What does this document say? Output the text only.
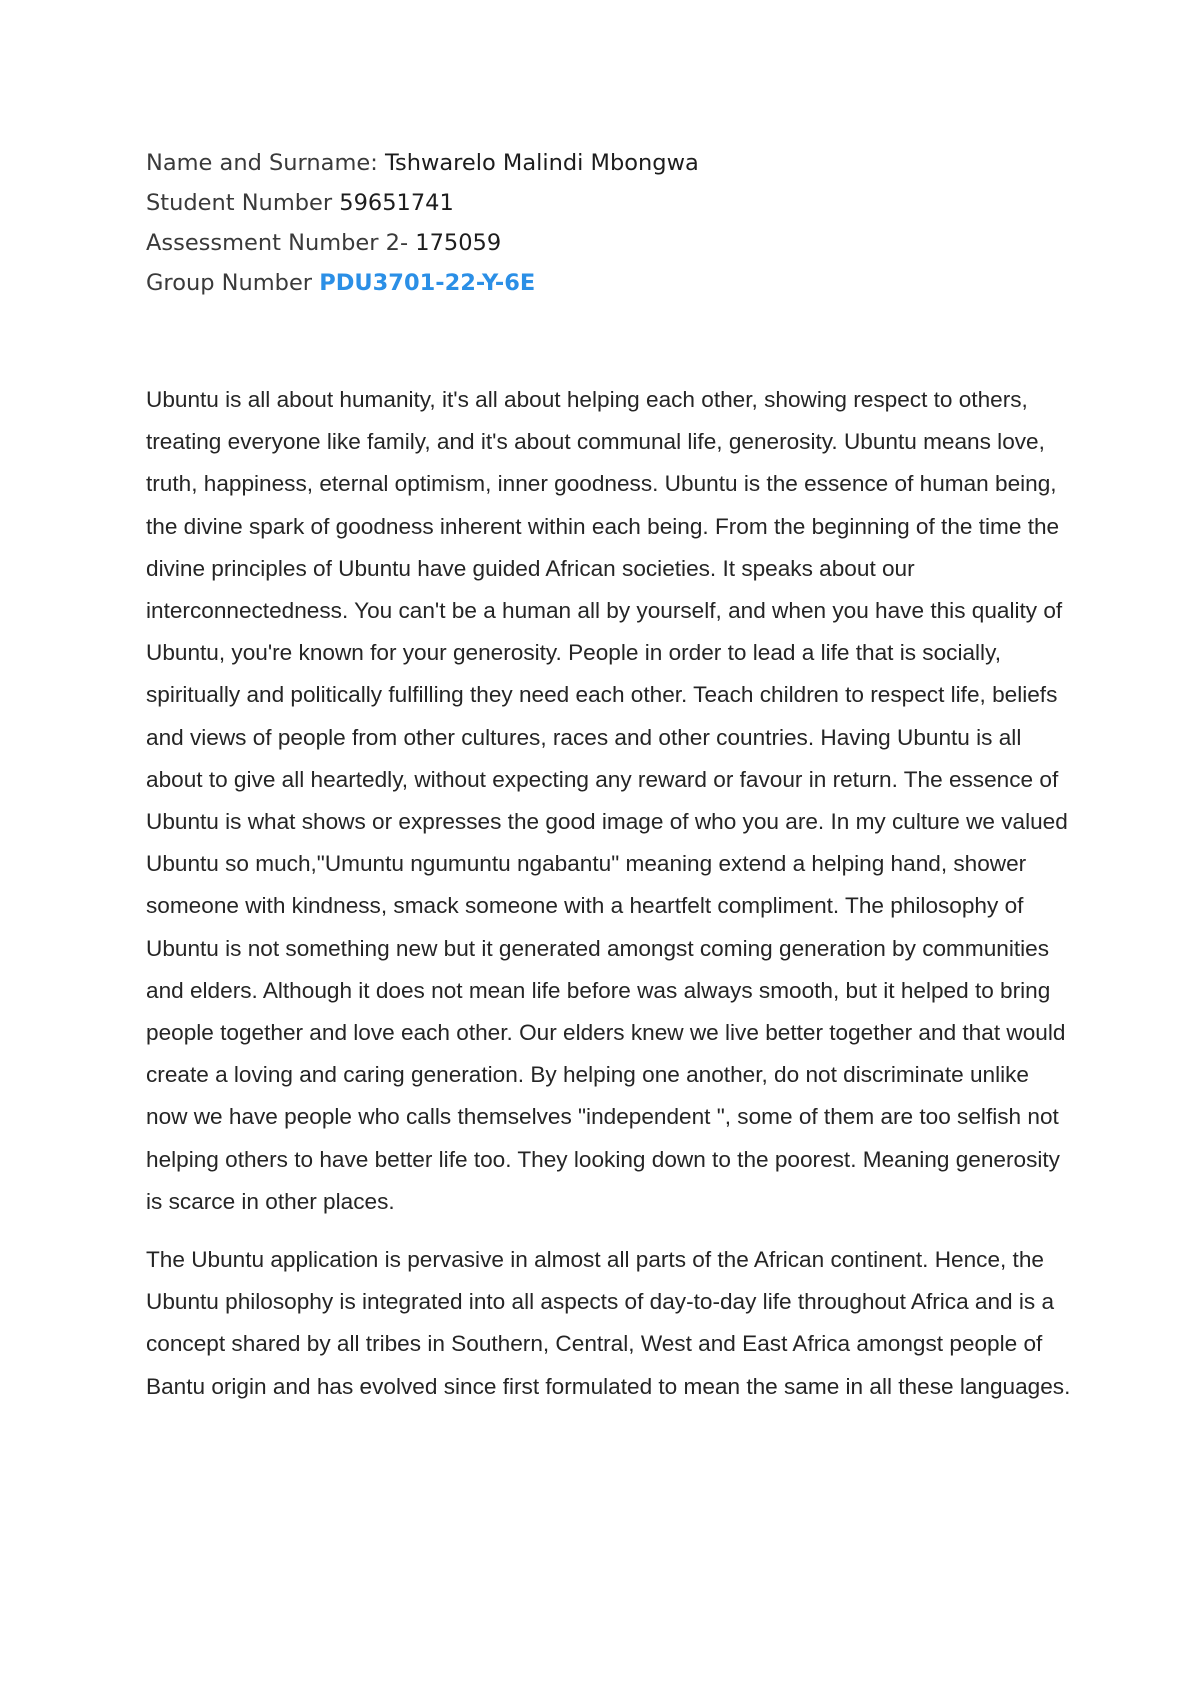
Name and Surname: Tshwarelo Malindi Mbongwa
Student Number 59651741
Assessment Number 2- 175059
Group Number PDU3701-22-Y-6E

Ubuntu is all about humanity, it's all about helping each other, showing respect to others, treating everyone like family, and it's about communal life, generosity. Ubuntu means love, truth, happiness, eternal optimism, inner goodness. Ubuntu is the essence of human being, the divine spark of goodness inherent within each being. From the beginning of the time the divine principles of Ubuntu have guided African societies. It speaks about our interconnectedness. You can't be a human all by yourself, and when you have this quality of Ubuntu, you're known for your generosity. People in order to lead a life that is socially, spiritually and politically fulfilling they need each other. Teach children to respect life, beliefs and views of people from other cultures, races and other countries. Having Ubuntu is all about to give all heartedly, without expecting any reward or favour in return. The essence of Ubuntu is what shows or expresses the good image of who you are. In my culture we valued Ubuntu so much,"Umuntu ngumuntu ngabantu" meaning extend a helping hand, shower someone with kindness, smack someone with a heartfelt compliment. The philosophy of Ubuntu is not something new but it generated amongst coming generation by communities and elders. Although it does not mean life before was always smooth, but it helped to bring people together and love each other. Our elders knew we live better together and that would create a loving and caring generation. By helping one another, do not discriminate unlike now we have people who calls themselves "independent ", some of them are too selfish not helping others to have better life too. They looking down to the poorest. Meaning generosity is scarce in other places.

The Ubuntu application is pervasive in almost all parts of the African continent. Hence, the Ubuntu philosophy is integrated into all aspects of day-to-day life throughout Africa and is a concept shared by all tribes in Southern, Central, West and East Africa amongst people of Bantu origin and has evolved since first formulated to mean the same in all these languages.
